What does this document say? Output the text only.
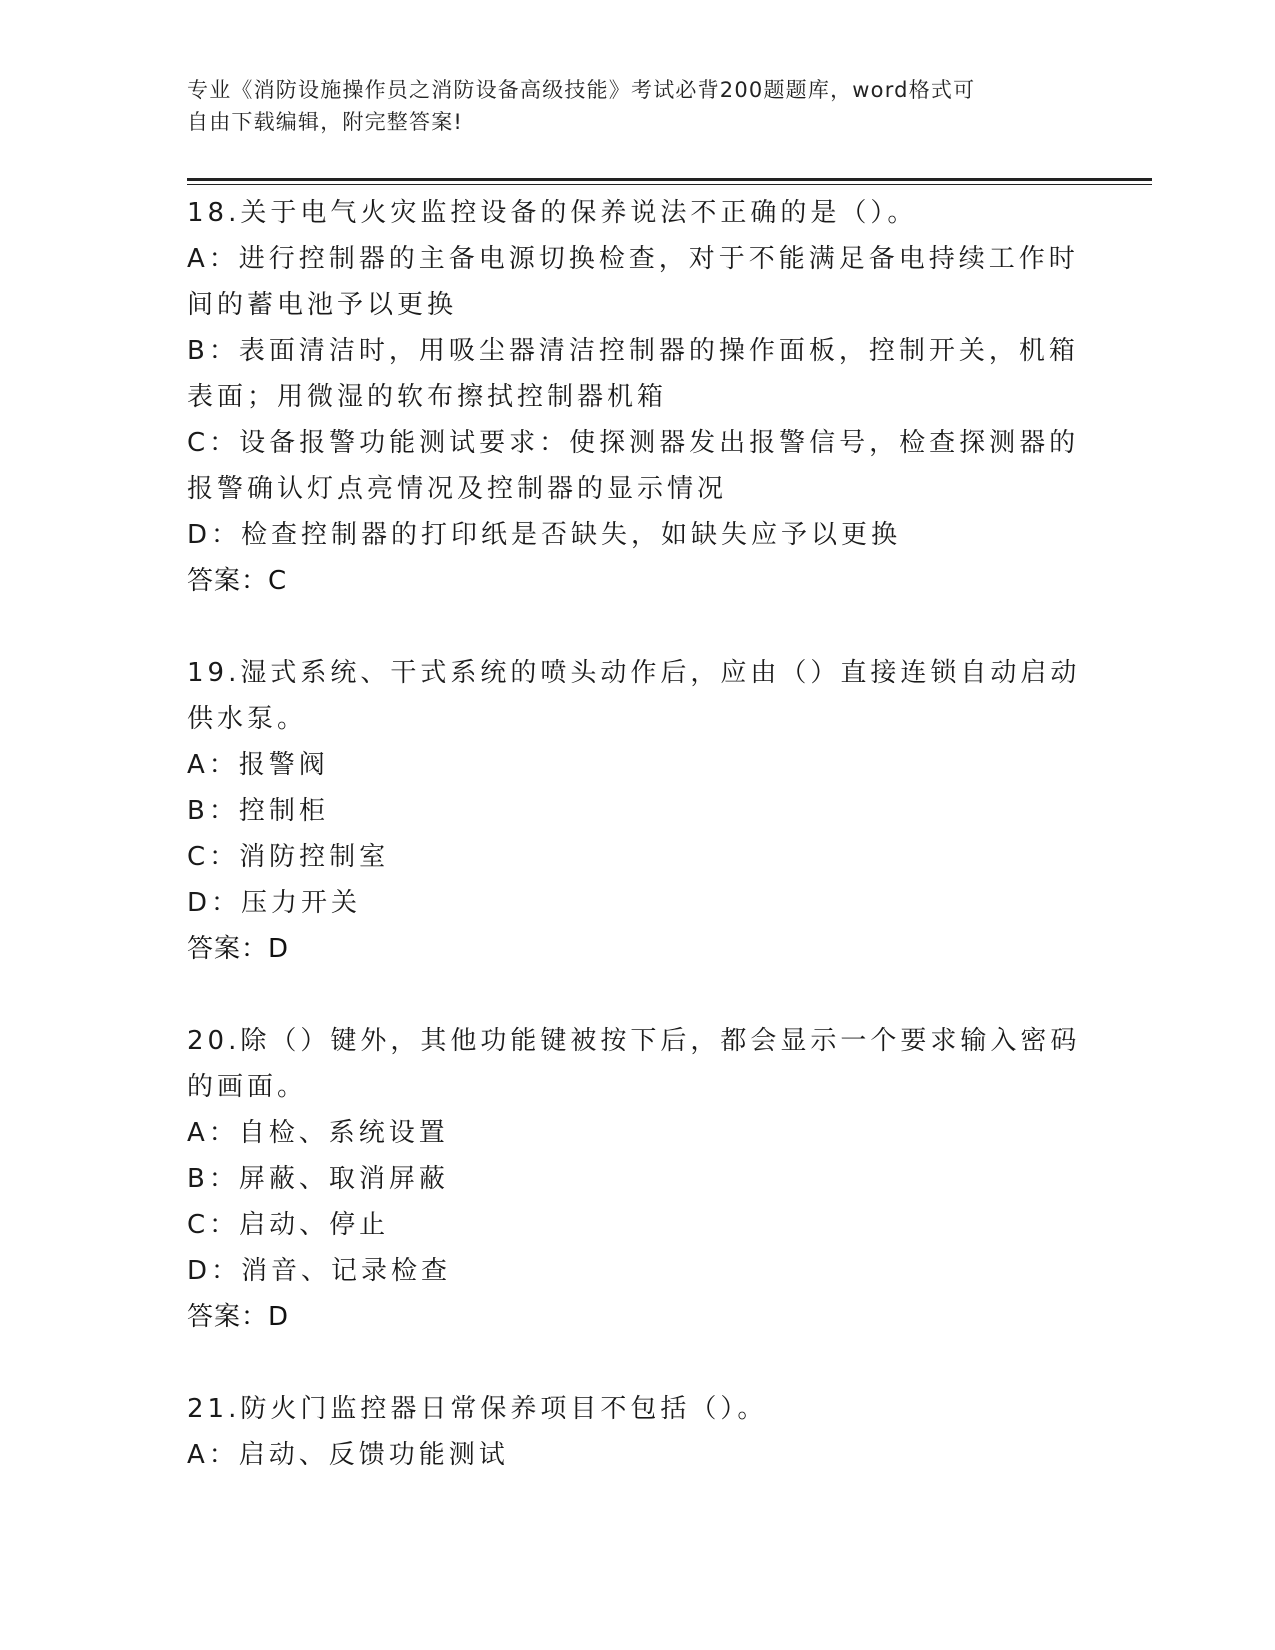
专业《消防设施操作员之消防设备高级技能》考试必背200题题库，word格式可

自由下载编辑，附完整答案!

18.关于电气火灾监控设备的保养说法不正确的是（）。

A：进行控制器的主备电源切换检查，对于不能满足备电持续工作时间的蓄电池予以更换

B：表面清洁时，用吸尘器清洁控制器的操作面板，控制开关，机箱表面；用微湿的软布擦拭控制器机箱

C：设备报警功能测试要求：使探测器发出报警信号，检查探测器的报警确认灯点亮情况及控制器的显示情况

D：检查控制器的打印纸是否缺失，如缺失应予以更换

答案：C

19.湿式系统、干式系统的喷头动作后，应由（）直接连锁自动启动供水泵。

A：报警阀

B：控制柜

C：消防控制室

D：压力开关

答案：D

20.除（）键外，其他功能键被按下后，都会显示一个要求输入密码的画面。

A：自检、系统设置

B：屏蔽、取消屏蔽

C：启动、停止

D：消音、记录检查

答案：D

21.防火门监控器日常保养项目不包括（）。

A：启动、反馈功能测试
